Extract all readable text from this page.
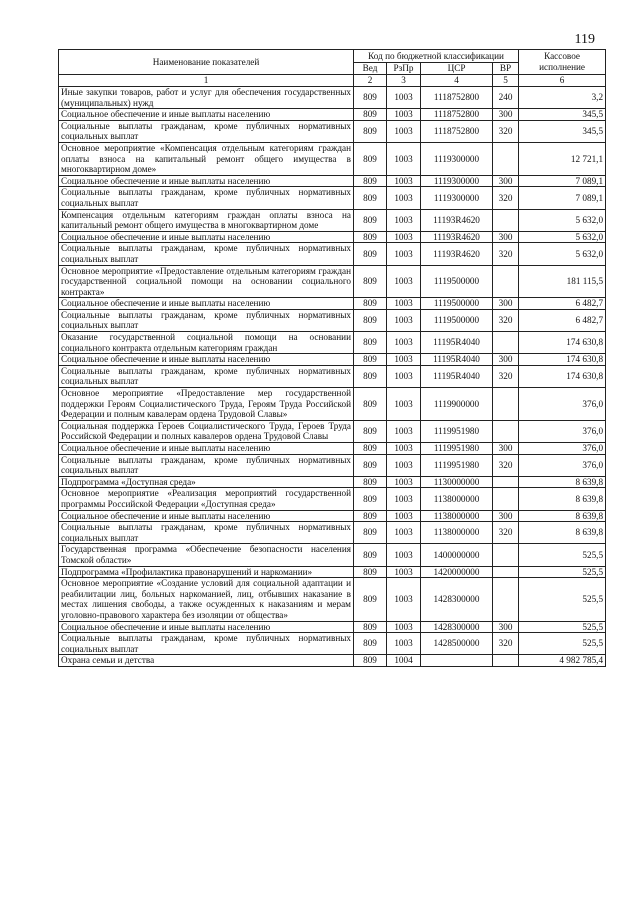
119
Наименование показателей	Код по бюджетной классификации				Кассовое исполнение
	Вед	РзПр	ЦСР	ВР	
1	2	3	4	5	6
Иные закупки товаров, работ и услуг для обеспечения государственных (муниципальных) нужд	809	1003	1118752800	240	3,2
Социальное обеспечение и иные выплаты населению	809	1003	1118752800	300	345,5
Социальные выплаты гражданам, кроме публичных нормативных социальных выплат	809	1003	1118752800	320	345,5
Основное мероприятие «Компенсация отдельным категориям граждан оплаты взноса на капитальный ремонт общего имущества в многоквартирном доме»	809	1003	1119300000		12 721,1
Социальное обеспечение и иные выплаты населению	809	1003	1119300000	300	7 089,1
Социальные выплаты гражданам, кроме публичных нормативных социальных выплат	809	1003	1119300000	320	7 089,1
Компенсация отдельным категориям граждан оплаты взноса на капитальный ремонт общего имущества в многоквартирном доме	809	1003	11193R4620		5 632,0
Социальное обеспечение и иные выплаты населению	809	1003	11193R4620	300	5 632,0
Социальные выплаты гражданам, кроме публичных нормативных социальных выплат	809	1003	11193R4620	320	5 632,0
Основное мероприятие «Предоставление отдельным категориям граждан государственной социальной помощи на основании социального контракта»	809	1003	1119500000		181 115,5
Социальное обеспечение и иные выплаты населению	809	1003	1119500000	300	6 482,7
Социальные выплаты гражданам, кроме публичных нормативных социальных выплат	809	1003	1119500000	320	6 482,7
Оказание государственной социальной помощи на основании социального контракта отдельным категориям граждан	809	1003	11195R4040		174 630,8
Социальное обеспечение и иные выплаты населению	809	1003	11195R4040	300	174 630,8
Социальные выплаты гражданам, кроме публичных нормативных социальных выплат	809	1003	11195R4040	320	174 630,8
Основное мероприятие «Предоставление мер государственной поддержки Героям Социалистического Труда, Героям Труда Российской Федерации и полным кавалерам ордена Трудовой Славы»	809	1003	1119900000		376,0
Социальная поддержка Героев Социалистического Труда, Героев Труда Российской Федерации и полных кавалеров ордена Трудовой Славы	809	1003	1119951980		376,0
Социальное обеспечение и иные выплаты населению	809	1003	1119951980	300	376,0
Социальные выплаты гражданам, кроме публичных нормативных социальных выплат	809	1003	1119951980	320	376,0
Подпрограмма «Доступная среда»	809	1003	1130000000		8 639,8
Основное мероприятие «Реализация мероприятий государственной программы Российской Федерации «Доступная среда»	809	1003	1138000000		8 639,8
Социальное обеспечение и иные выплаты населению	809	1003	1138000000	300	8 639,8
Социальные выплаты гражданам, кроме публичных нормативных социальных выплат	809	1003	1138000000	320	8 639,8
Государственная программа «Обеспечение безопасности населения Томской области»	809	1003	1400000000		525,5
Подпрограмма «Профилактика правонарушений и наркомании»	809	1003	1420000000		525,5
Основное мероприятие «Создание условий для социальной адаптации и реабилитации лиц, больных наркоманией, лиц, отбывших наказание в местах лишения свободы, а также осужденных к наказаниям и мерам уголовно-правового характера без изоляции от общества»	809	1003	1428300000		525,5
Социальное обеспечение и иные выплаты населению	809	1003	1428300000	300	525,5
Социальные выплаты гражданам, кроме публичных нормативных социальных выплат	809	1003	1428500000	320	525,5
Охрана семьи и детства	809	1004			4 982 785,4
